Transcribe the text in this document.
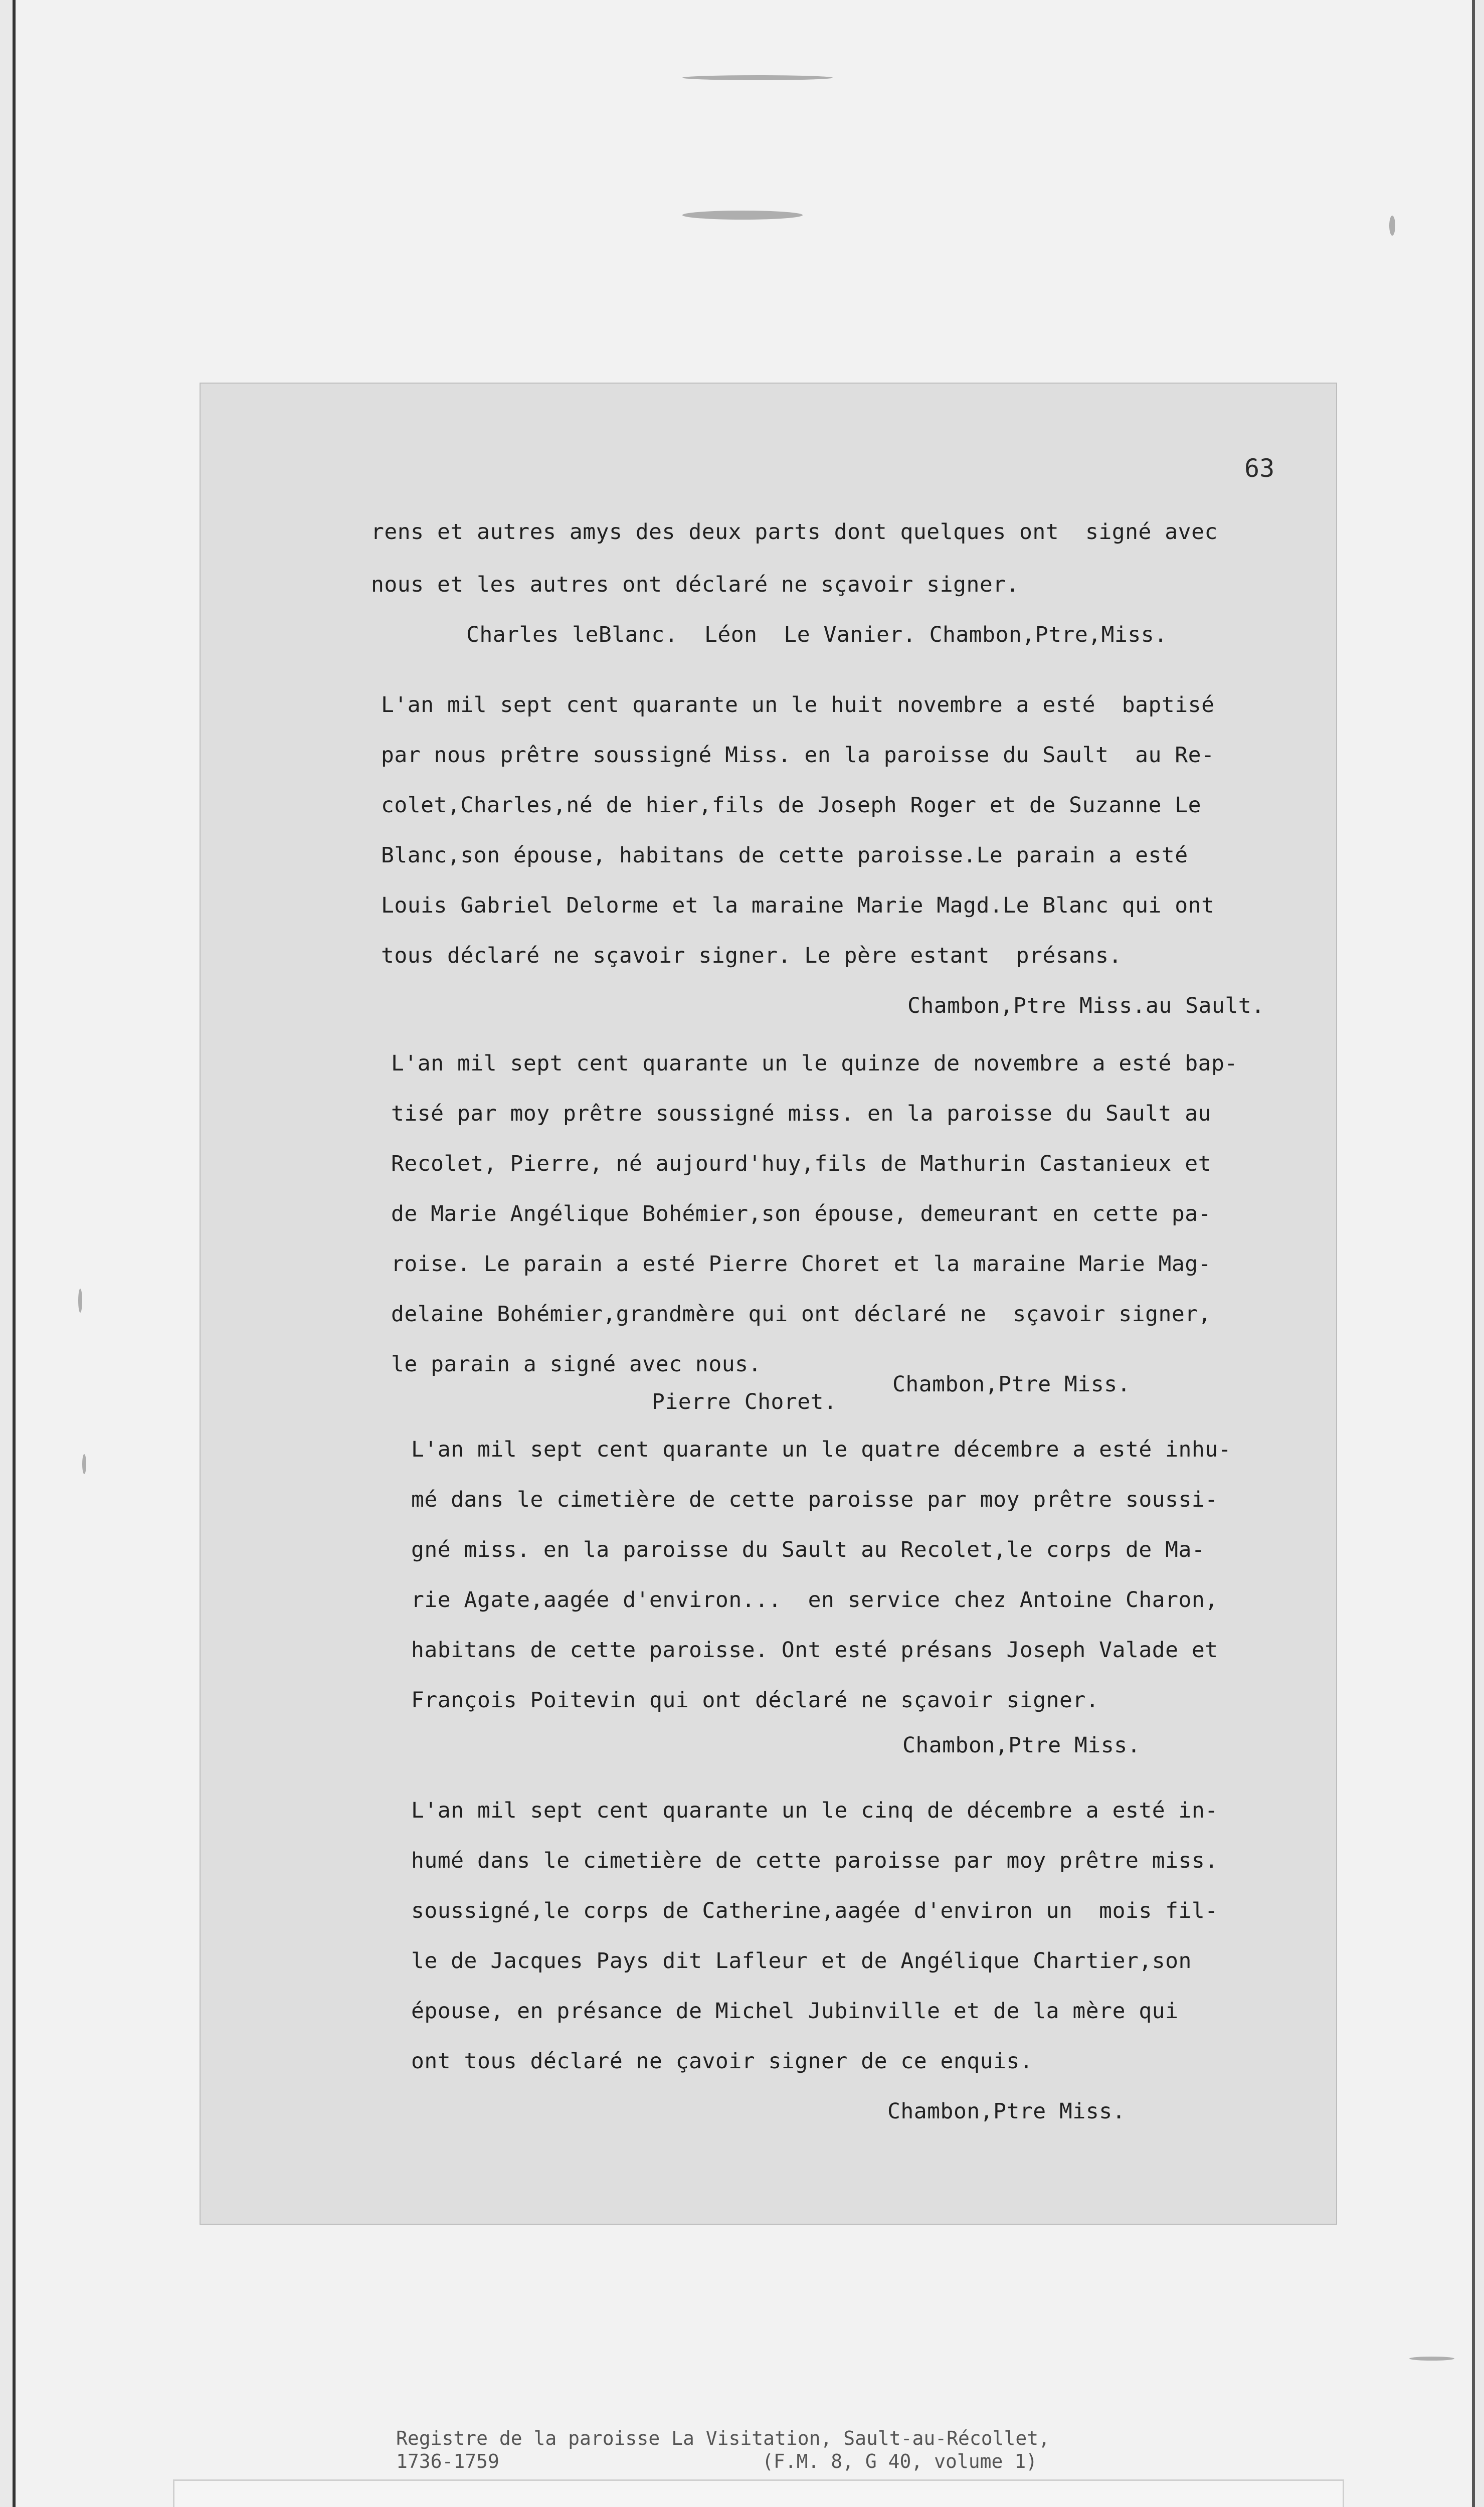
63
rens et autres amys des deux parts dont quelques ont  signé avec
nous et les autres ont déclaré ne sçavoir signer.
Charles leBlanc.  Léon  Le Vanier. Chambon,Ptre,Miss.
L'an mil sept cent quarante un le huit novembre a esté  baptisé
par nous prêtre soussigné Miss. en la paroisse du Sault  au Re-
colet,Charles,né de hier,fils de Joseph Roger et de Suzanne Le
Blanc,son épouse, habitans de cette paroisse.Le parain a esté
Louis Gabriel Delorme et la maraine Marie Magd.Le Blanc qui ont
tous déclaré ne sçavoir signer. Le père estant  présans.
Chambon,Ptre Miss.au Sault.
L'an mil sept cent quarante un le quinze de novembre a esté bap-
tisé par moy prêtre soussigné miss. en la paroisse du Sault au
Recolet, Pierre, né aujourd'huy,fils de Mathurin Castanieux et
de Marie Angélique Bohémier,son épouse, demeurant en cette pa-
roise. Le parain a esté Pierre Choret et la maraine Marie Mag-
delaine Bohémier,grandmère qui ont déclaré ne  sçavoir signer,
le parain a signé avec nous.
Chambon,Ptre Miss.
Pierre Choret.
L'an mil sept cent quarante un le quatre décembre a esté inhu-
mé dans le cimetière de cette paroisse par moy prêtre soussi-
gné miss. en la paroisse du Sault au Recolet,le corps de Ma-
rie Agate,aagée d'environ...  en service chez Antoine Charon,
habitans de cette paroisse. Ont esté présans Joseph Valade et
François Poitevin qui ont déclaré ne sçavoir signer.
Chambon,Ptre Miss.
L'an mil sept cent quarante un le cinq de décembre a esté in-
humé dans le cimetière de cette paroisse par moy prêtre miss.
soussigné,le corps de Catherine,aagée d'environ un  mois fil-
le de Jacques Pays dit Lafleur et de Angélique Chartier,son
épouse, en présance de Michel Jubinville et de la mère qui
ont tous déclaré ne çavoir signer de ce enquis.
Chambon,Ptre Miss.
Registre de la paroisse La Visitation, Sault-au-Récollet,
1736-1759	(F.M. 8, G 40, volume 1)
